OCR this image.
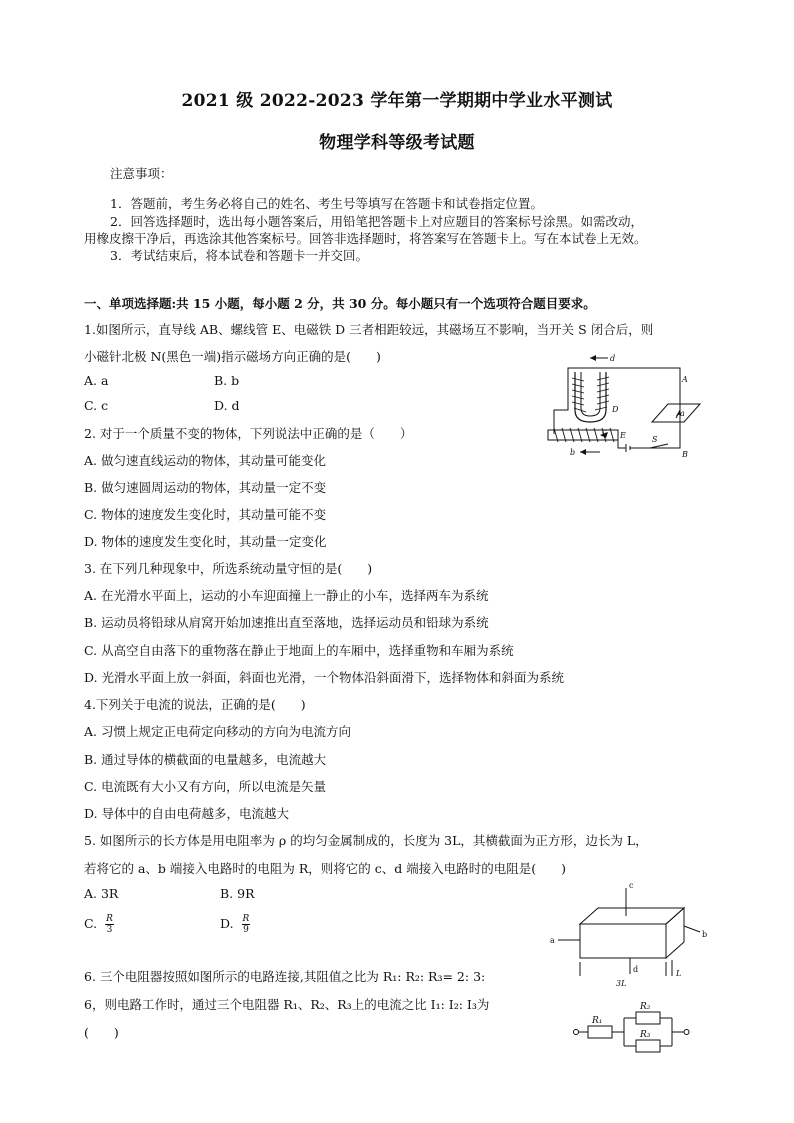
2021 级 2022-2023 学年第一学期期中学业水平测试
物理学科等级考试题
注意事项：
1．答题前，考生务必将自己的姓名、考生号等填写在答题卡和试卷指定位置。
2．回答选择题时，选出每小题答案后，用铅笔把答题卡上对应题目的答案标号涂黑。如需改动，
用橡皮擦干净后，再选涂其他答案标号。回答非选择题时，将答案写在答题卡上。写在本试卷上无效。
3．考试结束后，将本试卷和答题卡一并交回。
一、单项选择题:共 15 小题，每小题 2 分，共 30 分。每小题只有一个选项符合题目要求。
1.如图所示，直导线 AB、螺线管 E、电磁铁 D 三者相距较远，其磁场互不影响，当开关 S 闭合后，则
小磁针北极 N(黑色一端)指示磁场方向正确的是(　　)
A. a	B. b
C. c	D. d
d
A
D	a
E
b
c
S
B
2. 对于一个质量不变的物体，下列说法中正确的是（　　）
A. 做匀速直线运动的物体，其动量可能变化
B. 做匀速圆周运动的物体，其动量一定不变
C. 物体的速度发生变化时，其动量可能不变
D. 物体的速度发生变化时，其动量一定变化
3. 在下列几种现象中，所选系统动量守恒的是(　　)
A. 在光滑水平面上，运动的小车迎面撞上一静止的小车，选择两车为系统
B. 运动员将铅球从肩窝开始加速推出直至落地，选择运动员和铅球为系统
C. 从高空自由落下的重物落在静止于地面上的车厢中，选择重物和车厢为系统
D. 光滑水平面上放一斜面，斜面也光滑，一个物体沿斜面滑下，选择物体和斜面为系统
4.下列关于电流的说法，正确的是(　　)
A. 习惯上规定正电荷定向移动的方向为电流方向
B. 通过导体的横截面的电量越多，电流越大
C. 电流既有大小又有方向，所以电流是矢量
D. 导体中的自由电荷越多，电流越大
5. 如图所示的长方体是用电阻率为 ρ 的均匀金属制成的，长度为 3L，其横截面为正方形，边长为 L，
若将它的 a、b 端接入电路时的电阻为 R，则将它的 c、d 端接入电路时的电阻是(　　)
A. 3R	B. 9R
C. $\frac{R}{3}$	D. $\frac{R}{9}$
c
a
b
d	L
3L
6. 三个电阻器按照如图所示的电路连接,其阻值之比为 R₁: R₂: R₃= 2: 3:
6，则电路工作时，通过三个电阻器 R₁、R₂、R₃上的电流之比 I₁: I₂: I₃为
(　　)
R₁
R₂
R₃
